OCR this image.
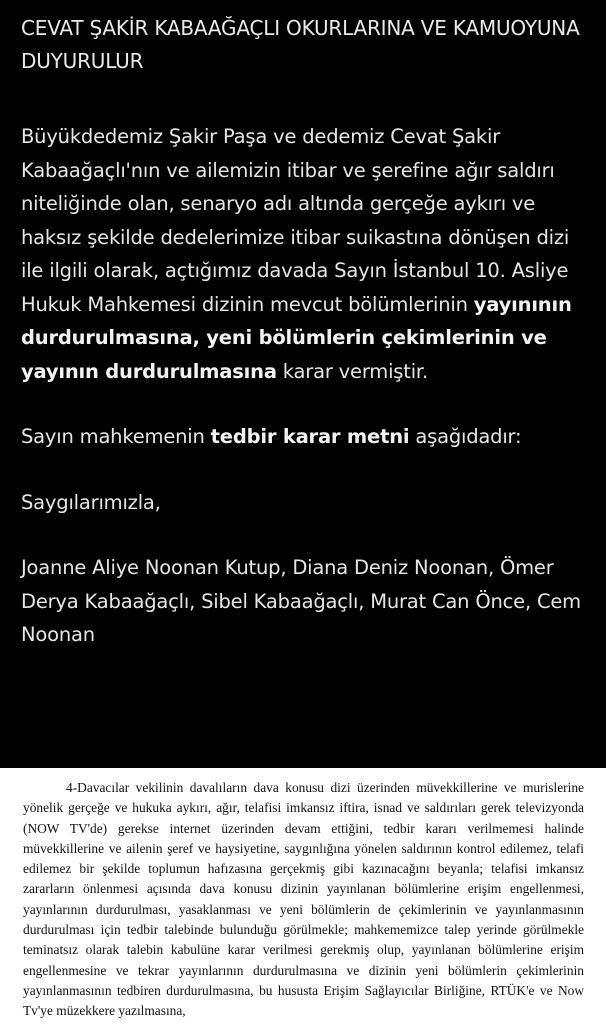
CEVAT ŞAKİR KABAAĞAÇLI OKURLARINA VE KAMUOYUNA DUYURULUR

Büyükdedemiz Şakir Paşa ve dedemiz Cevat Şakir Kabaağaçlı'nın ve ailemizin itibar ve şerefine ağır saldırı niteliğinde olan, senaryo adı altında gerçeğe aykırı ve haksız şekilde dedelerimize itibar suikastına dönüşen dizi ile ilgili olarak, açtığımız davada Sayın İstanbul 10. Asliye Hukuk Mahkemesi dizinin mevcut bölümlerinin yayınının durdurulmasına, yeni bölümlerin çekimlerinin ve yayının durdurulmasına karar vermiştir.

Sayın mahkemenin tedbir karar metni aşağıdadır:

Saygılarımızla,

Joanne Aliye Noonan Kutup, Diana Deniz Noonan, Ömer Derya Kabaağaçlı, Sibel Kabaağaçlı, Murat Can Önce, Cem Noonan

4-Davacılar vekilinin davalıların dava konusu dizi üzerinden müvekkillerine ve murislerine yönelik gerçeğe ve hukuka aykırı, ağır, telafisi imkansız iftira, isnad ve saldırıları gerek televizyonda (NOW TV'de) gerekse internet üzerinden devam ettiğini, tedbir kararı verilmemesi halinde müvekkillerine ve ailenin şeref ve haysiyetine, saygınlığına yönelen saldırının kontrol edilemez, telafi edilemez bir şekilde toplumun hafızasına gerçekmiş gibi kazınacağını beyanla; telafisi imkansız zararların önlenmesi açısında dava konusu dizinin yayınlanan bölümlerine erişim engellenmesi, yayınlarının durdurulması, yasaklanması ve yeni bölümlerin de çekimlerinin ve yayınlanmasının durdurulması için tedbir talebinde bulunduğu görülmekle; mahkememizce talep yerinde görülmekle teminatsız olarak talebin kabulüne karar verilmesi gerekmiş olup, yayınlanan bölümlerine erişim engellenmesine ve tekrar yayınlarının durdurulmasına ve dizinin yeni bölümlerin çekimlerinin yayınlanmasının tedbiren durdurulmasına, bu hususta Erişim Sağlayıcılar Birliğine, RTÜK'e ve Now Tv'ye müzekkere yazılmasına,
